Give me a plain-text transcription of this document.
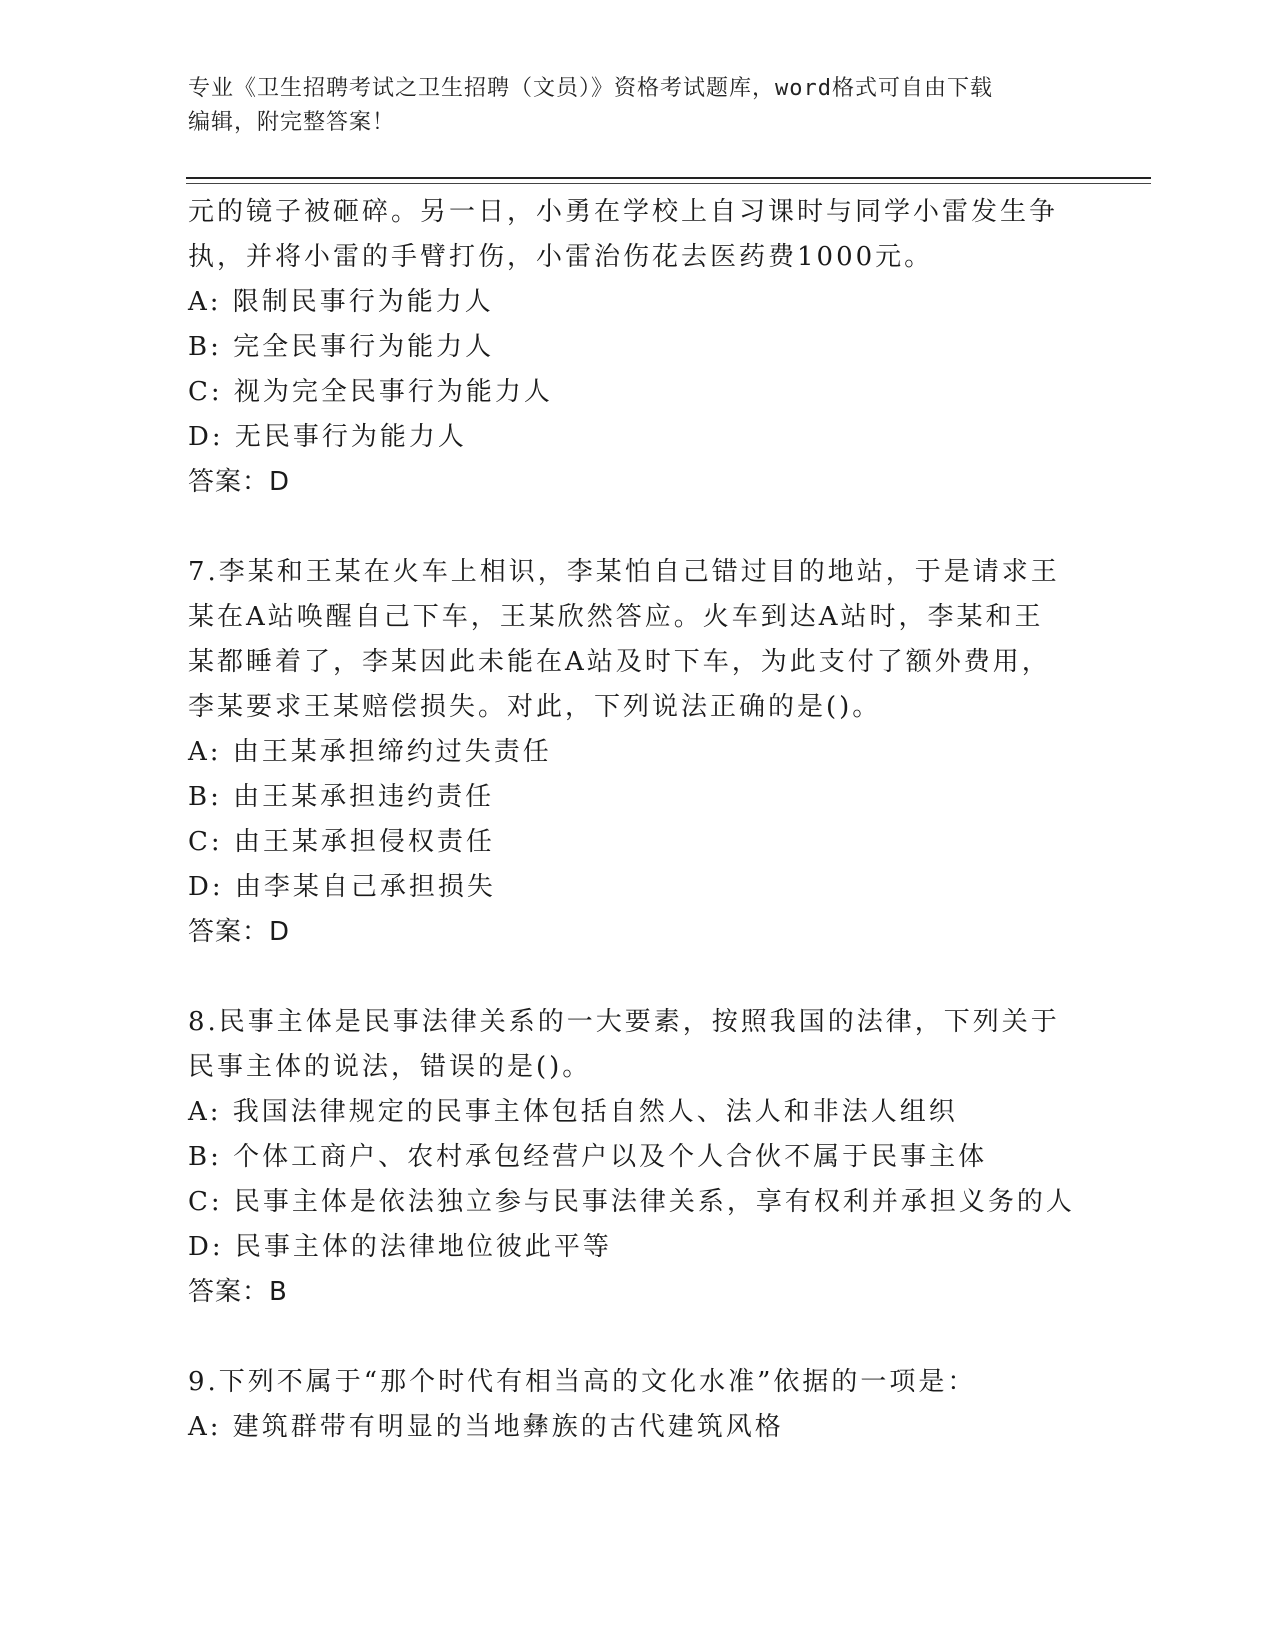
专业《卫生招聘考试之卫生招聘（文员）》资格考试题库，word格式可自由下载
编辑，附完整答案！
元的镜子被砸碎。另一日，小勇在学校上自习课时与同学小雷发生争
执，并将小雷的手臂打伤，小雷治伤花去医药费1000元。
A: 限制民事行为能力人
B: 完全民事行为能力人
C: 视为完全民事行为能力人
D: 无民事行为能力人
答案：D
7.李某和王某在火车上相识，李某怕自己错过目的地站，于是请求王
某在A站唤醒自己下车，王某欣然答应。火车到达A站时，李某和王
某都睡着了，李某因此未能在A站及时下车，为此支付了额外费用，
李某要求王某赔偿损失。对此，下列说法正确的是()。
A: 由王某承担缔约过失责任
B: 由王某承担违约责任
C: 由王某承担侵权责任
D: 由李某自己承担损失
答案：D
8.民事主体是民事法律关系的一大要素，按照我国的法律，下列关于
民事主体的说法，错误的是()。
A: 我国法律规定的民事主体包括自然人、法人和非法人组织
B: 个体工商户、农村承包经营户以及个人合伙不属于民事主体
C: 民事主体是依法独立参与民事法律关系，享有权利并承担义务的人
D: 民事主体的法律地位彼此平等
答案：B
9.下列不属于“那个时代有相当高的文化水准”依据的一项是：
A: 建筑群带有明显的当地彝族的古代建筑风格
